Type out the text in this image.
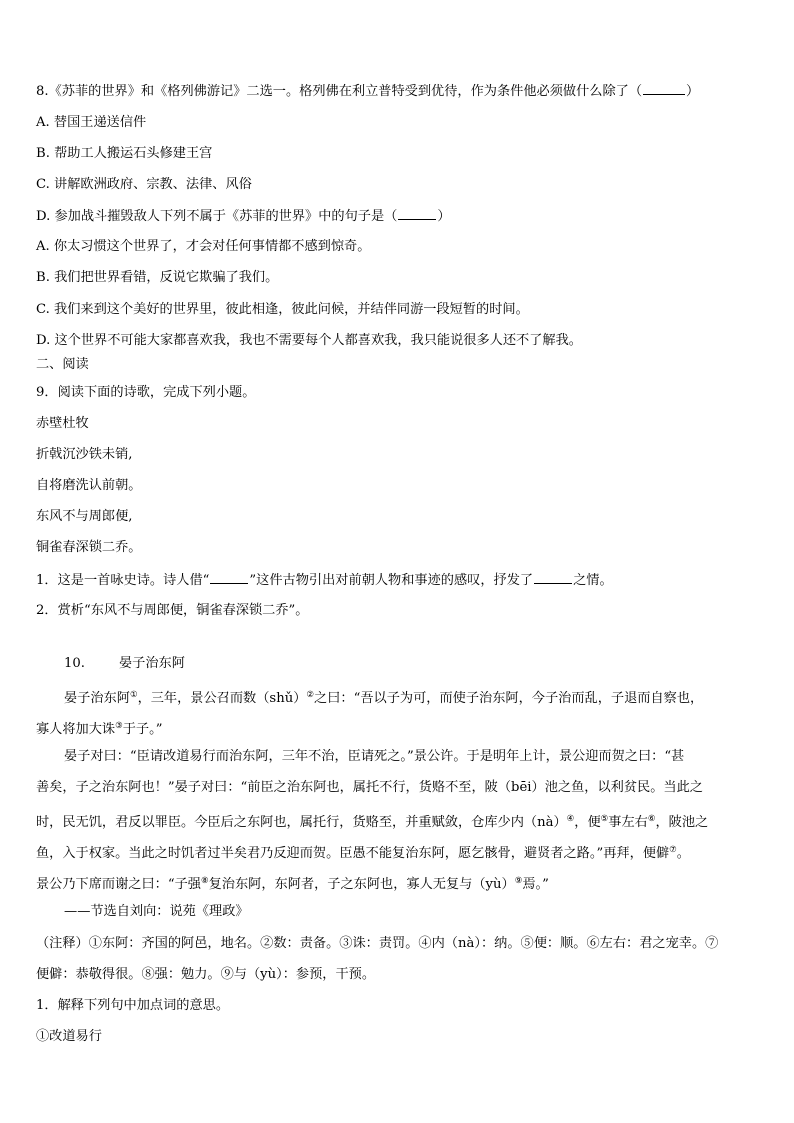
8.《苏菲的世界》和《格列佛游记》二选一。格列佛在利立普特受到优待，作为条件他必须做什么除了（	）
A. 替国王递送信件
B. 帮助工人搬运石头修建王宫
C. 讲解欧洲政府、宗教、法律、风俗
D. 参加战斗摧毁敌人下列不属于《苏菲的世界》中的句子是（	）
A. 你太习惯这个世界了，才会对任何事情都不感到惊奇。
B. 我们把世界看错，反说它欺骗了我们。
C. 我们来到这个美好的世界里，彼此相逢，彼此问候，并结伴同游一段短暂的时间。
D. 这个世界不可能大家都喜欢我，我也不需要每个人都喜欢我，我只能说很多人还不了解我。
二、阅读
9．阅读下面的诗歌，完成下列小题。
赤壁杜牧
折戟沉沙铁未销,
自将磨洗认前朝。
东风不与周郎便,
铜雀春深锁二乔。
1．这是一首咏史诗。诗人借“	”这件古物引出对前朝人物和事迹的感叹，抒发了	之情。
2．赏析“东风不与周郎便，铜雀春深锁二乔”。
10.	晏子治东阿
晏子治东阿①，三年，景公召而数（shǔ）②之曰：“吾以子为可，而使子治东阿，今子治而乱，子退而自察也，
寡人将加大诛③于子。”
晏子对曰：“臣请改道易行而治东阿，三年不治，臣请死之。”景公许。于是明年上计，景公迎而贺之曰：“甚
善矣，子之治东阿也！”晏子对曰：“前臣之治东阿也，属托不行，货赂不至，陂（bēi）池之鱼，以利贫民。当此之
时，民无饥，君反以罪臣。今臣后之东阿也，属托行，货赂至，并重赋敛，仓库少内（nà）④，便⑤事左右⑥，陂池之
鱼，入于权家。当此之时饥者过半矣君乃反迎而贺。臣愚不能复治东阿，愿乞骸骨，避贤者之路。”再拜，便僻⑦。
景公乃下席而谢之曰：“子强⑧复治东阿，东阿者，子之东阿也，寡人无复与（yù）⑨焉。”
——节选自刘向：说苑《理政》
（注释）①东阿：齐国的阿邑，地名。②数：责备。③诛：责罚。④内（nà）：纳。⑤便：顺。⑥左右：君之宠幸。⑦
便僻：恭敬得很。⑧强：勉力。⑨与（yù）：参预，干预。
1．解释下列句中加点词的意思。
①改道易行
